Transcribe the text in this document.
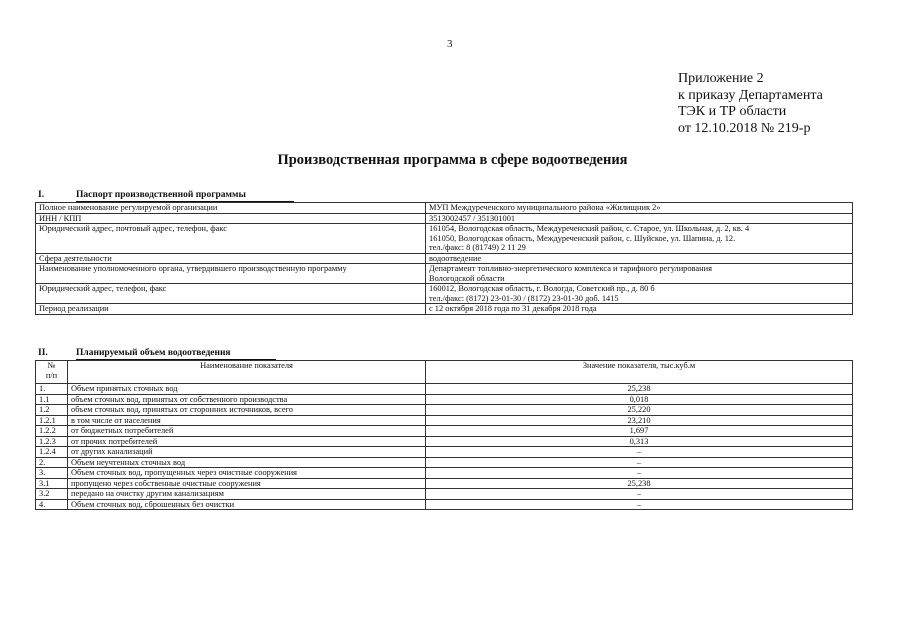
3
Приложение 2
к приказу Департамента
ТЭК и ТР области
от 12.10.2018 № 219-р
Производственная программа в сфере водоотведения
I.	Паспорт производственной программы
Полное наименование регулируемой организации	МУП Междуреченского муниципального района «Жилищник 2»

ИНН / КПП	3513002457 / 351301001

Юридический адрес, почтовый адрес, телефон, факс	161054, Вологодская область, Междуреченский район, с. Старое, ул. Школьная, д. 2, кв. 4
161050, Вологодская область, Междуреченский район, с. Шуйское, ул. Шапина, д. 12.
тел./факс: 8 (81749) 2 11 29

Сфера деятельности	водоотведение

Наименование уполномоченного органа, утвердившего производственную программу	Департамент топливно-энергетического комплекса и тарифного регулирования
Вологодской области

Юридический адрес, телефон, факс	160012, Вологодская область, г. Вологда, Советский пр., д. 80 б
тел./факс: (8172) 23-01-30 / (8172) 23-01-30 доб. 1415

Период реализации	с 12 октября 2018 года по 31 декабря 2018 года
II.	Планируемый объем водоотведения
№
п/п	Наименование показателя	Значение показателя, тыс.куб.м
1.	Объем принятых сточных вод	25,238
1.1	объем сточных вод, принятых от собственного производства	0,018
1.2	объем сточных вод, принятых от сторонних источников, всего	25,220
1.2.1	в том числе от населения	23,210
1.2.2	от бюджетных потребителей	1,697
1.2.3	от прочих потребителей	0,313
1.2.4	от других канализаций	–
2.	Объем неучтенных сточных вод	–
3.	Объем сточных вод, пропущенных через очистные сооружения	–
3.1	пропущено через собственные очистные сооружения	25,238
3.2	передано на очистку другим канализациям	–
4.	Объем сточных вод, сброшенных без очистки	–
